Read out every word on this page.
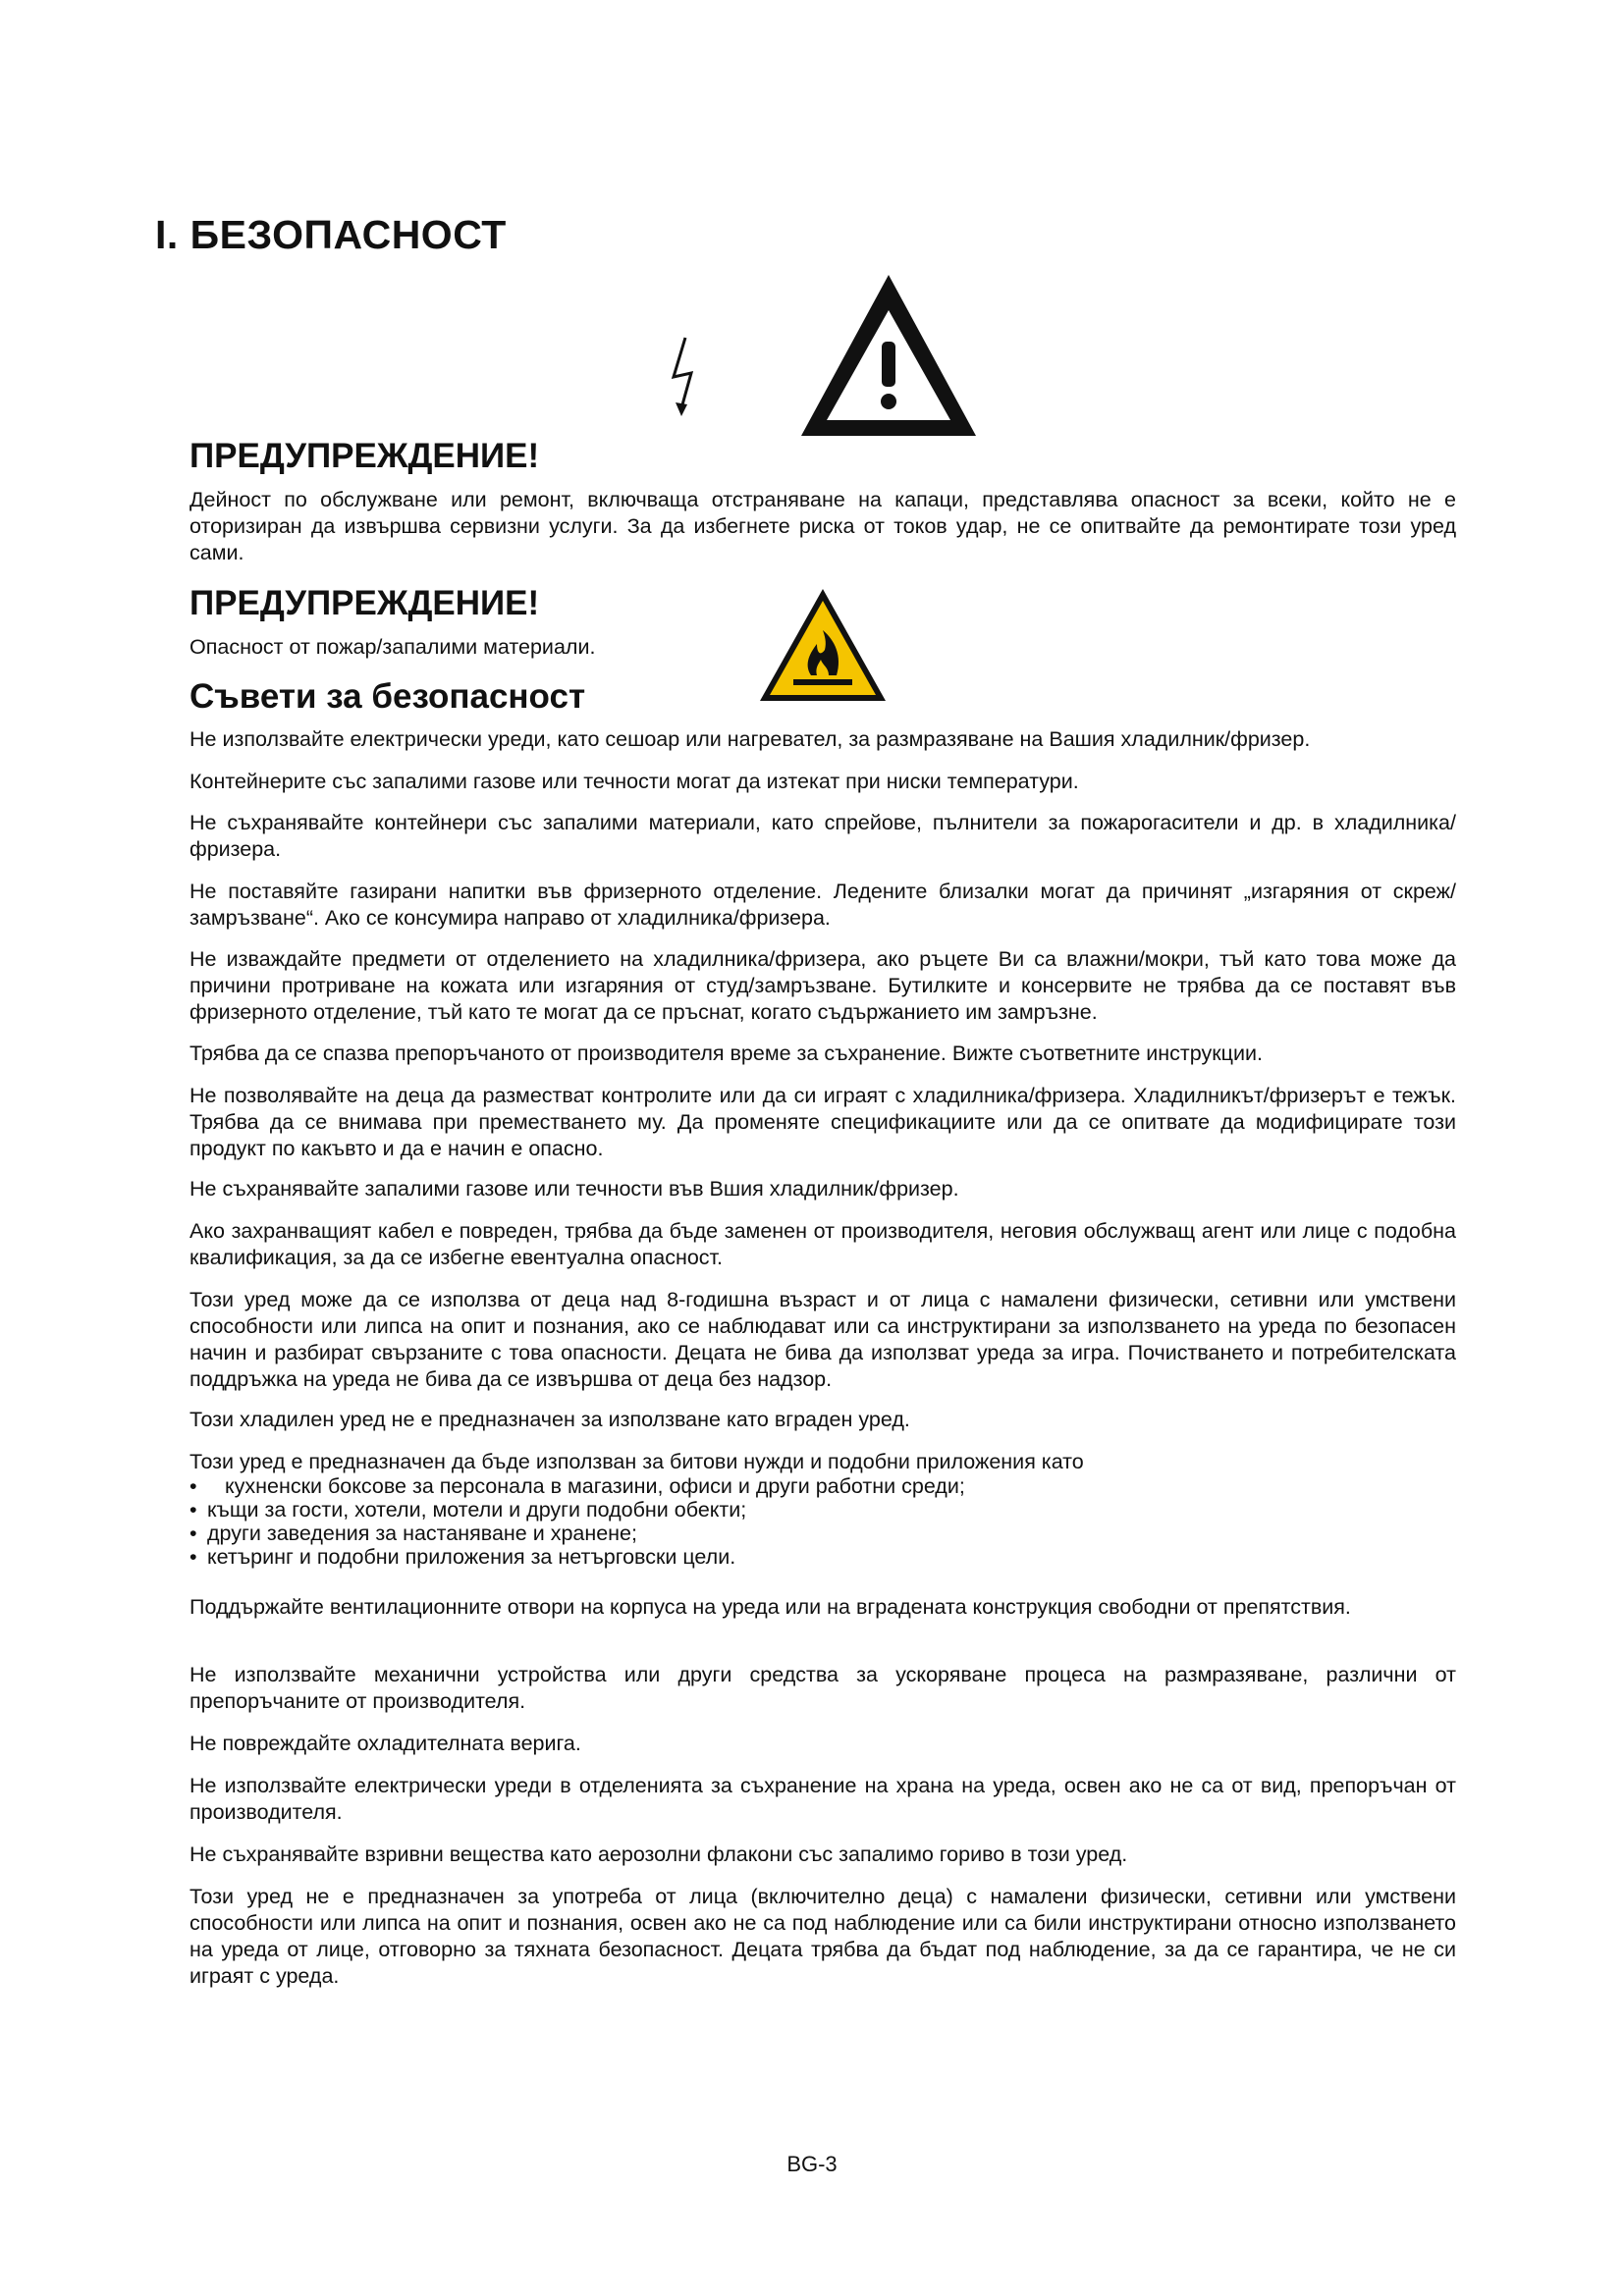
I. БЕЗОПАСНОСТ
ПРЕДУПРЕЖДЕНИЕ!
Дейност по обслужване или ремонт, включваща отстраняване на капаци, представлява опасност за всеки, който не е оторизиран да извършва сервизни услуги. За да избегнете риска от токов удар, не се опитвайте да ремонтирате този уред сами.
ПРЕДУПРЕЖДЕНИЕ!
Опасност от пожар/запалими материали.
Съвети за безопасност
Не използвайте електрически уреди, като сешоар или нагревател, за размразяване на Вашия хладилник/фризер.
Контейнерите със запалими газове или течности могат да изтекат при ниски температури.
Не съхранявайте контейнери със запалими материали, като спрейове, пълнители за пожарогасители и др. в хладилника/фризера.
Не поставяйте газирани напитки във фризерното отделение. Ледените близалки могат да причинят „изгаряния от скреж/замръзване“. Ако се консумира направо от хладилника/фризера.
Не изваждайте предмети от отделението на хладилника/фризера, ако ръцете Ви са влажни/мокри, тъй като това може да причини протриване на кожата или изгаряния от студ/замръзване. Бутилките и консервите не трябва да се поставят във фризерното отделение, тъй като те могат да се пръснат, когато съдържанието им замръзне.
Трябва да се спазва препоръчаното от производителя време за съхранение. Вижте съответните инструкции.
Не позволявайте на деца да разместват контролите или да си играят с хладилника/фризера. Хладилникът/фризерът е тежък. Трябва да се внимава при преместването му. Да променяте спецификациите или да се опитвате да модифицирате този продукт по какъвто и да е начин е опасно.
Не съхранявайте запалими газове или течности във Вшия хладилник/фризер.
Ако захранващият кабел е повреден, трябва да бъде заменен от производителя, неговия обслужващ агент или лице с подобна квалификация, за да се избегне евентуална опасност.
Този уред може да се използва от деца над 8-годишна възраст и от лица с намалени физически, сетивни или умствени способности или липса на опит и познания, ако се наблюдават или са инструктирани за използването на уреда по безопасен начин и разбират свързаните с това опасности. Децата не бива да използват уреда за игра. Почистването и потребителската поддръжка на уреда не бива да се извършва от деца без надзор.
Този хладилен уред не е предназначен за използване като вграден уред.
Този уред е предназначен да бъде използван за битови нужди и подобни приложения като
• кухненски боксове за персонала в магазини, офиси и други работни среди;
• къщи за гости, хотели, мотели и други подобни обекти;
• други заведения за настаняване и хранене;
• кетъринг и подобни приложения за нетърговски цели.
Поддържайте вентилационните отвори на корпуса на уреда или на вградената конструкция свободни от препятствия.
Не използвайте механични устройства или други средства за ускоряване процеса на размразяване, различни от препоръчаните от производителя.
Не повреждайте охладителната верига.
Не използвайте електрически уреди в отделенията за съхранение на храна на уреда, освен ако не са от вид, препоръчан от производителя.
Не съхранявайте взривни вещества като аерозолни флакони със запалимо гориво в този уред.
Този уред не е предназначен за употреба от лица (включително деца) с намалени физически, сетивни или умствени способности или липса на опит и познания, освен ако не са под наблюдение или са били инструктирани относно използването на уреда от лице, отговорно за тяхната безопасност. Децата трябва да бъдат под наблюдение, за да се гарантира, че не си играят с уреда.
BG-3
